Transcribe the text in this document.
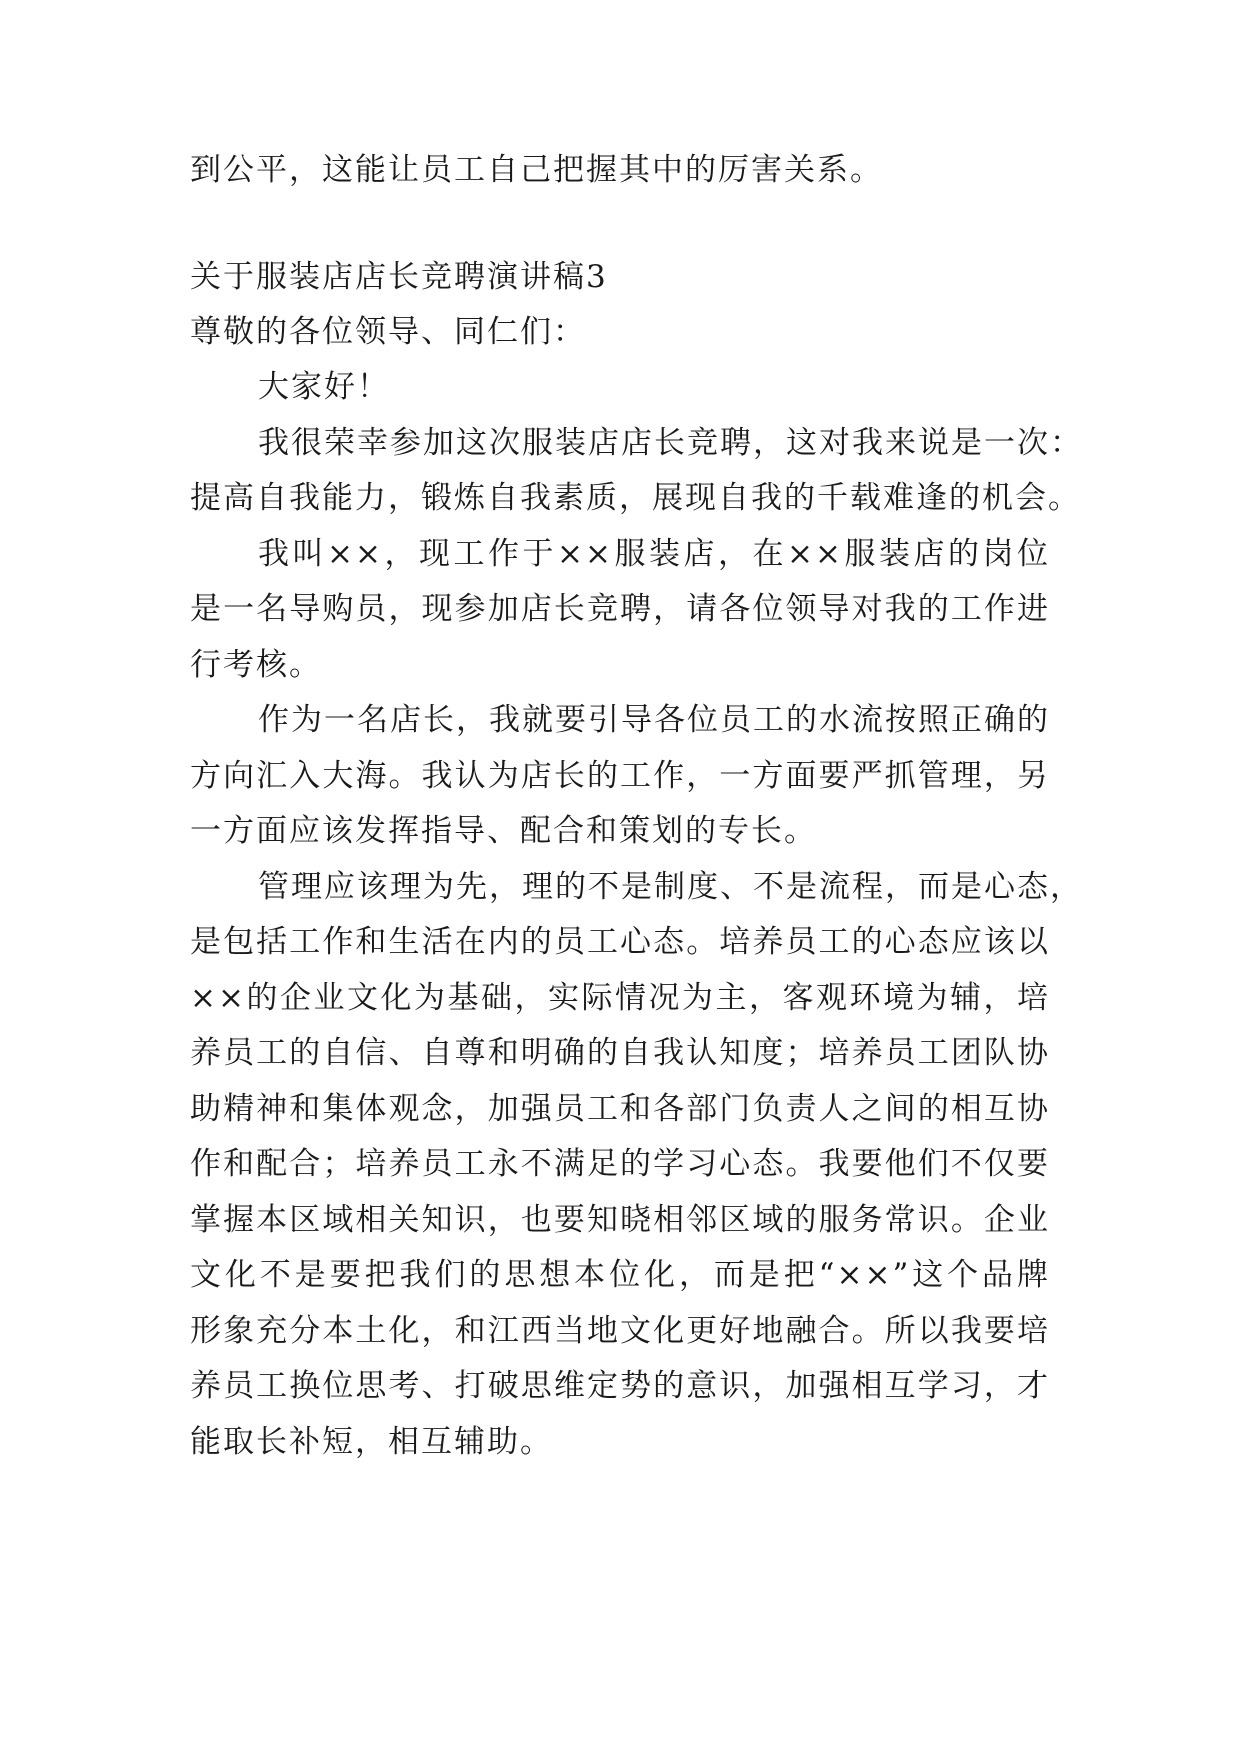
到公平，这能让员工自己把握其中的厉害关系。
关于服装店店长竞聘演讲稿3
尊敬的各位领导、同仁们：
大家好！
我很荣幸参加这次服装店店长竞聘，这对我来说是一次：
提高自我能力，锻炼自我素质，展现自我的千载难逢的机会。
我叫××，现工作于××服装店，在××服装店的岗位
是一名导购员，现参加店长竞聘，请各位领导对我的工作进
行考核。
作为一名店长，我就要引导各位员工的水流按照正确的
方向汇入大海。我认为店长的工作，一方面要严抓管理，另
一方面应该发挥指导、配合和策划的专长。
管理应该理为先，理的不是制度、不是流程，而是心态，
是包括工作和生活在内的员工心态。培养员工的心态应该以
××的企业文化为基础，实际情况为主，客观环境为辅，培
养员工的自信、自尊和明确的自我认知度；培养员工团队协
助精神和集体观念，加强员工和各部门负责人之间的相互协
作和配合；培养员工永不满足的学习心态。我要他们不仅要
掌握本区域相关知识，也要知晓相邻区域的服务常识。企业
文化不是要把我们的思想本位化，而是把“××”这个品牌
形象充分本土化，和江西当地文化更好地融合。所以我要培
养员工换位思考、打破思维定势的意识，加强相互学习，才
能取长补短，相互辅助。
